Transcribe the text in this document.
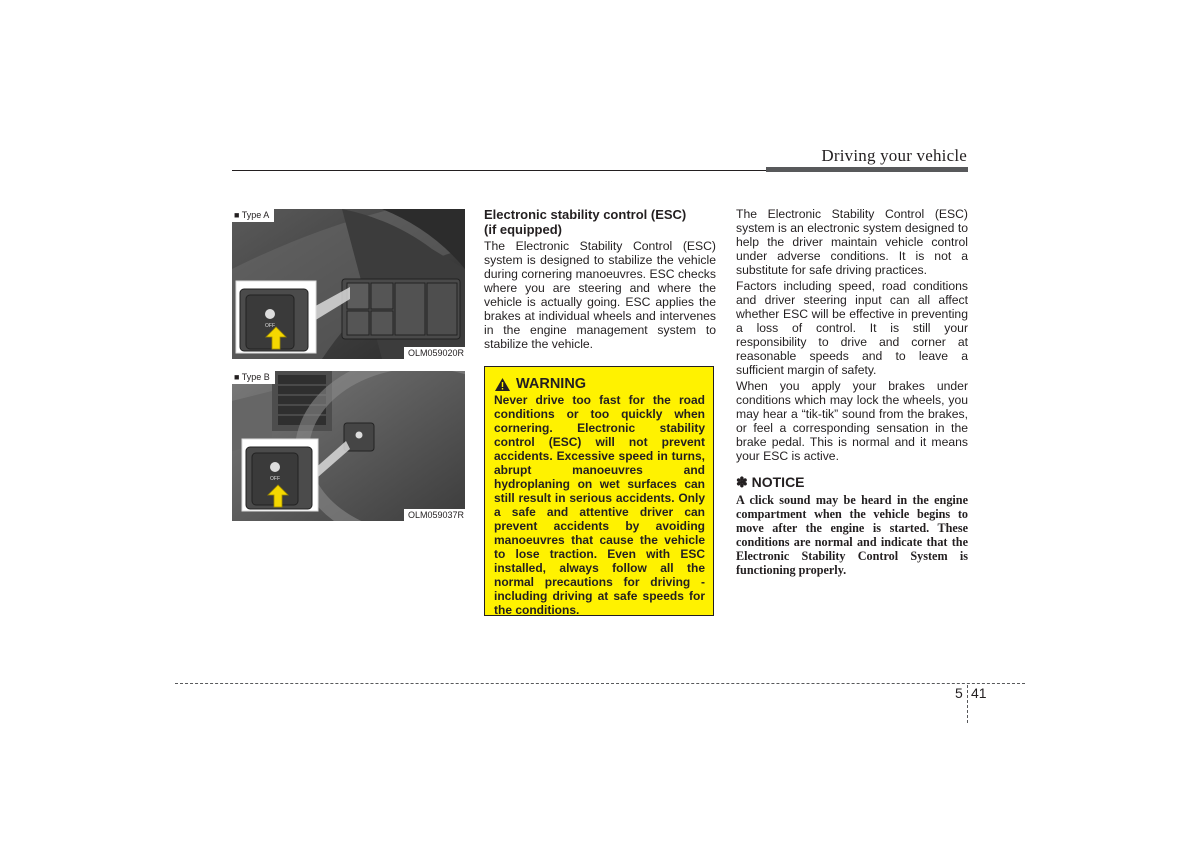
Driving your vehicle
OFF
■ Type A
OLM059020R
OFF
■ Type B
OLM059037R

Electronic stability control (ESC)
(if equipped)

The Electronic Stability Control (ESC) system is designed to stabilize the vehicle during cornering manoeuvres. ESC checks where you are steering and where the vehicle is actually going. ESC applies the brakes at individual wheels and intervenes in the engine management system to stabilize the vehicle.

WARNING

Never drive too fast for the road conditions or too quickly when cornering. Electronic stability control (ESC) will not prevent accidents. Excessive speed in turns, abrupt manoeuvres and hydroplaning on wet surfaces can still result in serious accidents. Only a safe and attentive driver can prevent accidents by avoiding manoeuvres that cause the vehicle to lose traction. Even with ESC installed, always follow all the normal precautions for driving - including driving at safe speeds for the conditions.

The Electronic Stability Control (ESC) system is an electronic system designed to help the driver maintain vehicle control under adverse conditions. It is not a substitute for safe driving practices.

Factors including speed, road conditions and driver steering input can all affect whether ESC will be effective in preventing a loss of control. It is still your responsibility to drive and corner at reasonable speeds and to leave a sufficient margin of safety.

When you apply your brakes under conditions which may lock the wheels, you may hear a “tik-tik” sound from the brakes, or feel a corresponding sensation in the brake pedal. This is normal and it means your ESC is active.

✽ NOTICE

A click sound may be heard in the engine compartment when the vehicle begins to move after the engine is started. These conditions are normal and indicate that the Electronic Stability Control System is functioning properly.

5 41
